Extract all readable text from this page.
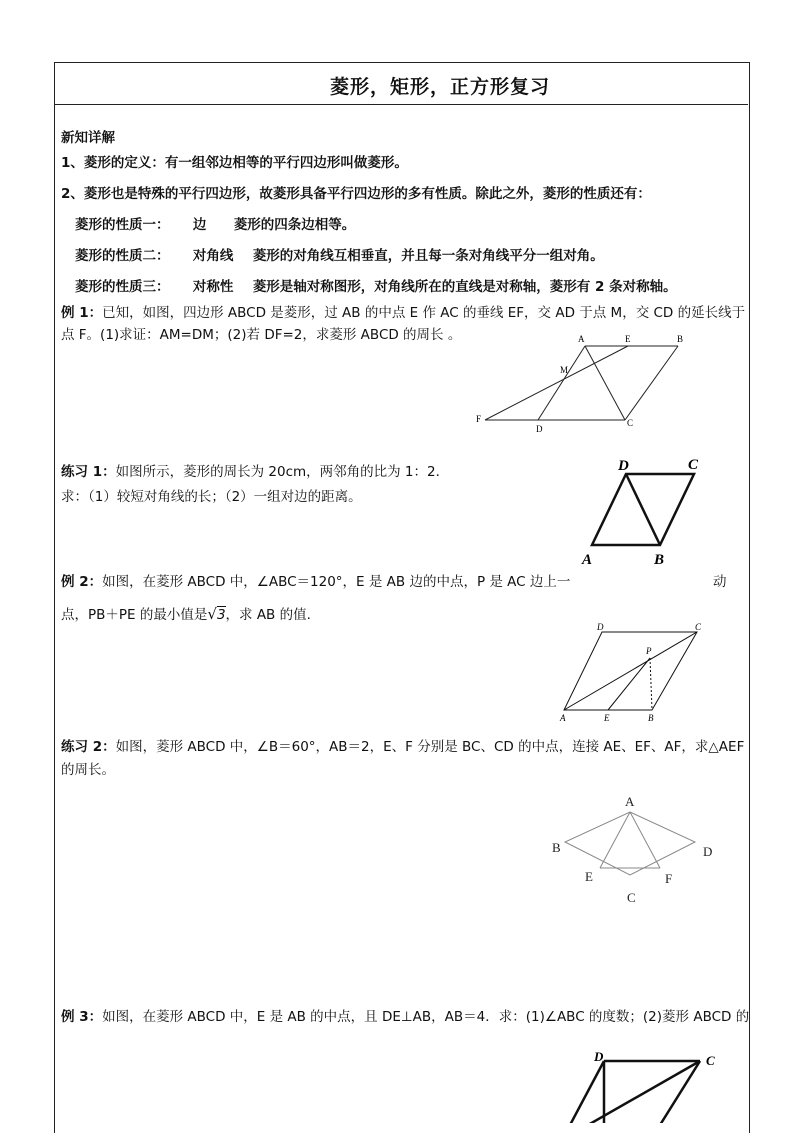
菱形，矩形，正方形复习
新知详解
1、菱形的定义：有一组邻边相等的平行四边形叫做菱形。
2、菱形也是特殊的平行四边形，故菱形具备平行四边形的多有性质。除此之外，菱形的性质还有：
菱形的性质一： 边 菱形的四条边相等。
菱形的性质二： 对角线 菱形的对角线互相垂直，并且每一条对角线平分一组对角。
菱形的性质三： 对称性 菱形是轴对称图形，对角线所在的直线是对称轴，菱形有 2 条对称轴。
例 1：已知，如图，四边形 ABCD 是菱形，过 AB 的中点 E 作 AC 的垂线 EF，交 AD 于点 M，交 CD 的延长线于
点 F。(1)求证：AM=DM；(2)若 DF=2，求菱形 ABCD 的周长 。	A	E	B
M
F
D
C
练习 1：如图所示，菱形的周长为 20cm，两邻角的比为 1：2．
求：（1）较短对角线的长；（2）一组对边的距离。
D	C
A	B
例 2：如图，在菱形 ABCD 中，∠ABC＝120°，E 是 AB 边的中点，P 是 AC 边上一	动
点，PB＋PE 的最小值是√3，求 AB 的值.
D	C
P
A	E	B
练习 2：如图，菱形 ABCD 中，∠B＝60°，AB＝2，E、F 分别是 BC、CD 的中点，连接 AE、EF、AF，求△AEF
的周长。
A
B	D
E	F
C
例 3：如图，在菱形 ABCD 中，E 是 AB 的中点，且 DE⊥AB，AB＝4．求：(1)∠ABC 的度数；(2)菱形 ABCD 的
D	C
